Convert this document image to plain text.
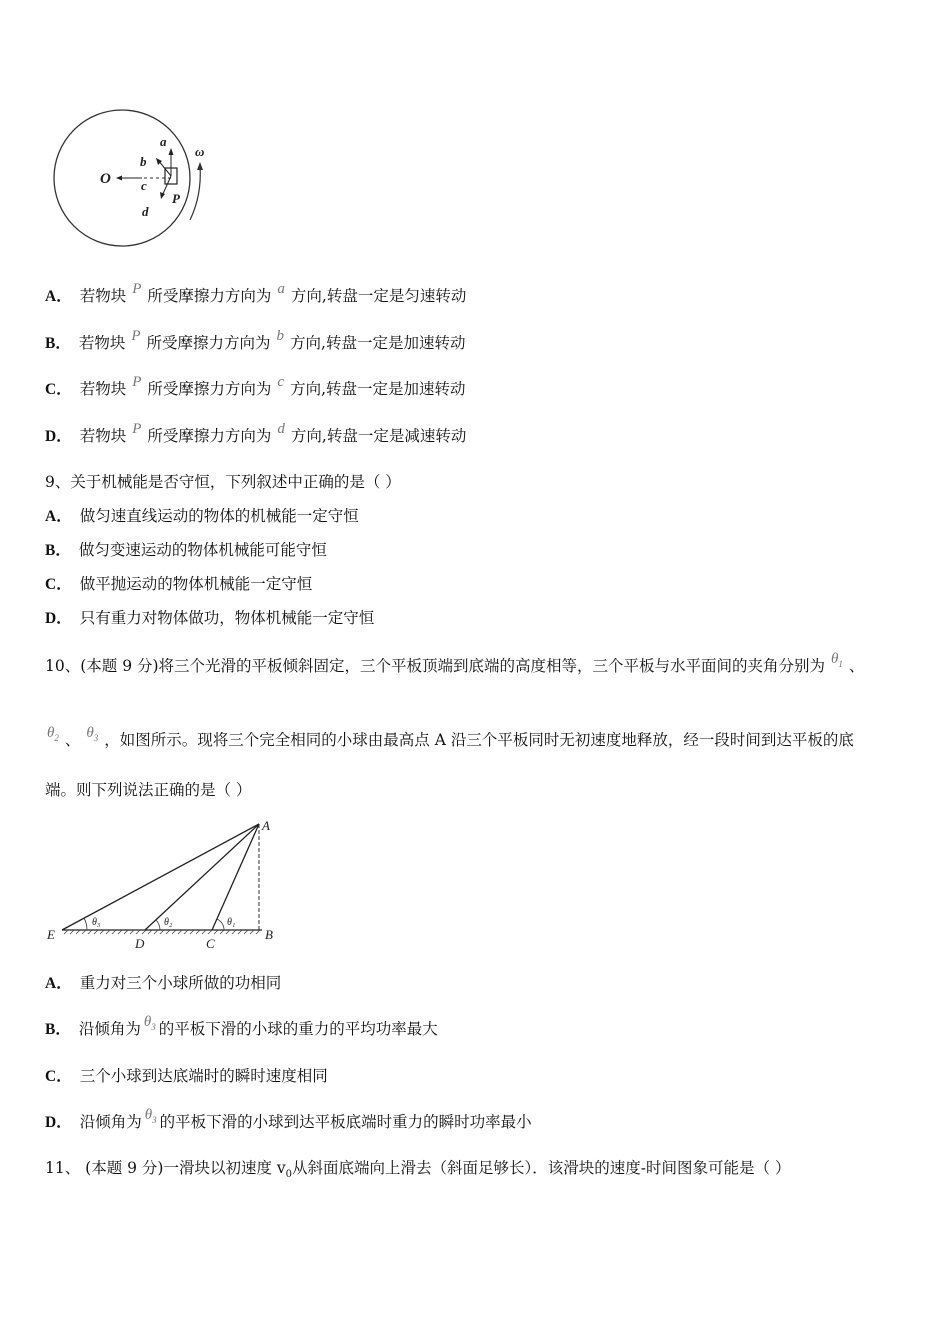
O
a
b
c
d
P
ω
A． 若物块 P 所受摩擦力方向为 a 方向,转盘一定是匀速转动
B． 若物块 P 所受摩擦力方向为 b 方向,转盘一定是加速转动
C． 若物块 P 所受摩擦力方向为 c 方向,转盘一定是加速转动
D． 若物块 P 所受摩擦力方向为 d 方向,转盘一定是减速转动
9、关于机械能是否守恒，下列叙述中正确的是（ ）
A． 做匀速直线运动的物体的机械能一定守恒
B． 做匀变速运动的物体机械能可能守恒
C． 做平抛运动的物体机械能一定守恒
D． 只有重力对物体做功，物体机械能一定守恒
10、(本题 9 分)将三个光滑的平板倾斜固定，三个平板顶端到底端的高度相等，三个平板与水平面间的夹角分别为 $\theta_1$ 、
$\theta_2$ 、 $\theta_3$ ，如图所示。现将三个完全相同的小球由最高点 A 沿三个平板同时无初速度地释放，经一段时间到达平板的底
端。则下列说法正确的是（ ）
A
B
C
D
E
θ₃	θ₂	θ₁
A． 重力对三个小球所做的功相同
B． 沿倾角为 $\theta_3$ 的平板下滑的小球的重力的平均功率最大
C． 三个小球到达底端时的瞬时速度相同
D． 沿倾角为 $\theta_3$ 的平板下滑的小球到达平板底端时重力的瞬时功率最小
11、 (本题 9 分)一滑块以初速度 $v_0$从斜面底端向上滑去（斜面足够长）．该滑块的速度-时间图象可能是（ ）
